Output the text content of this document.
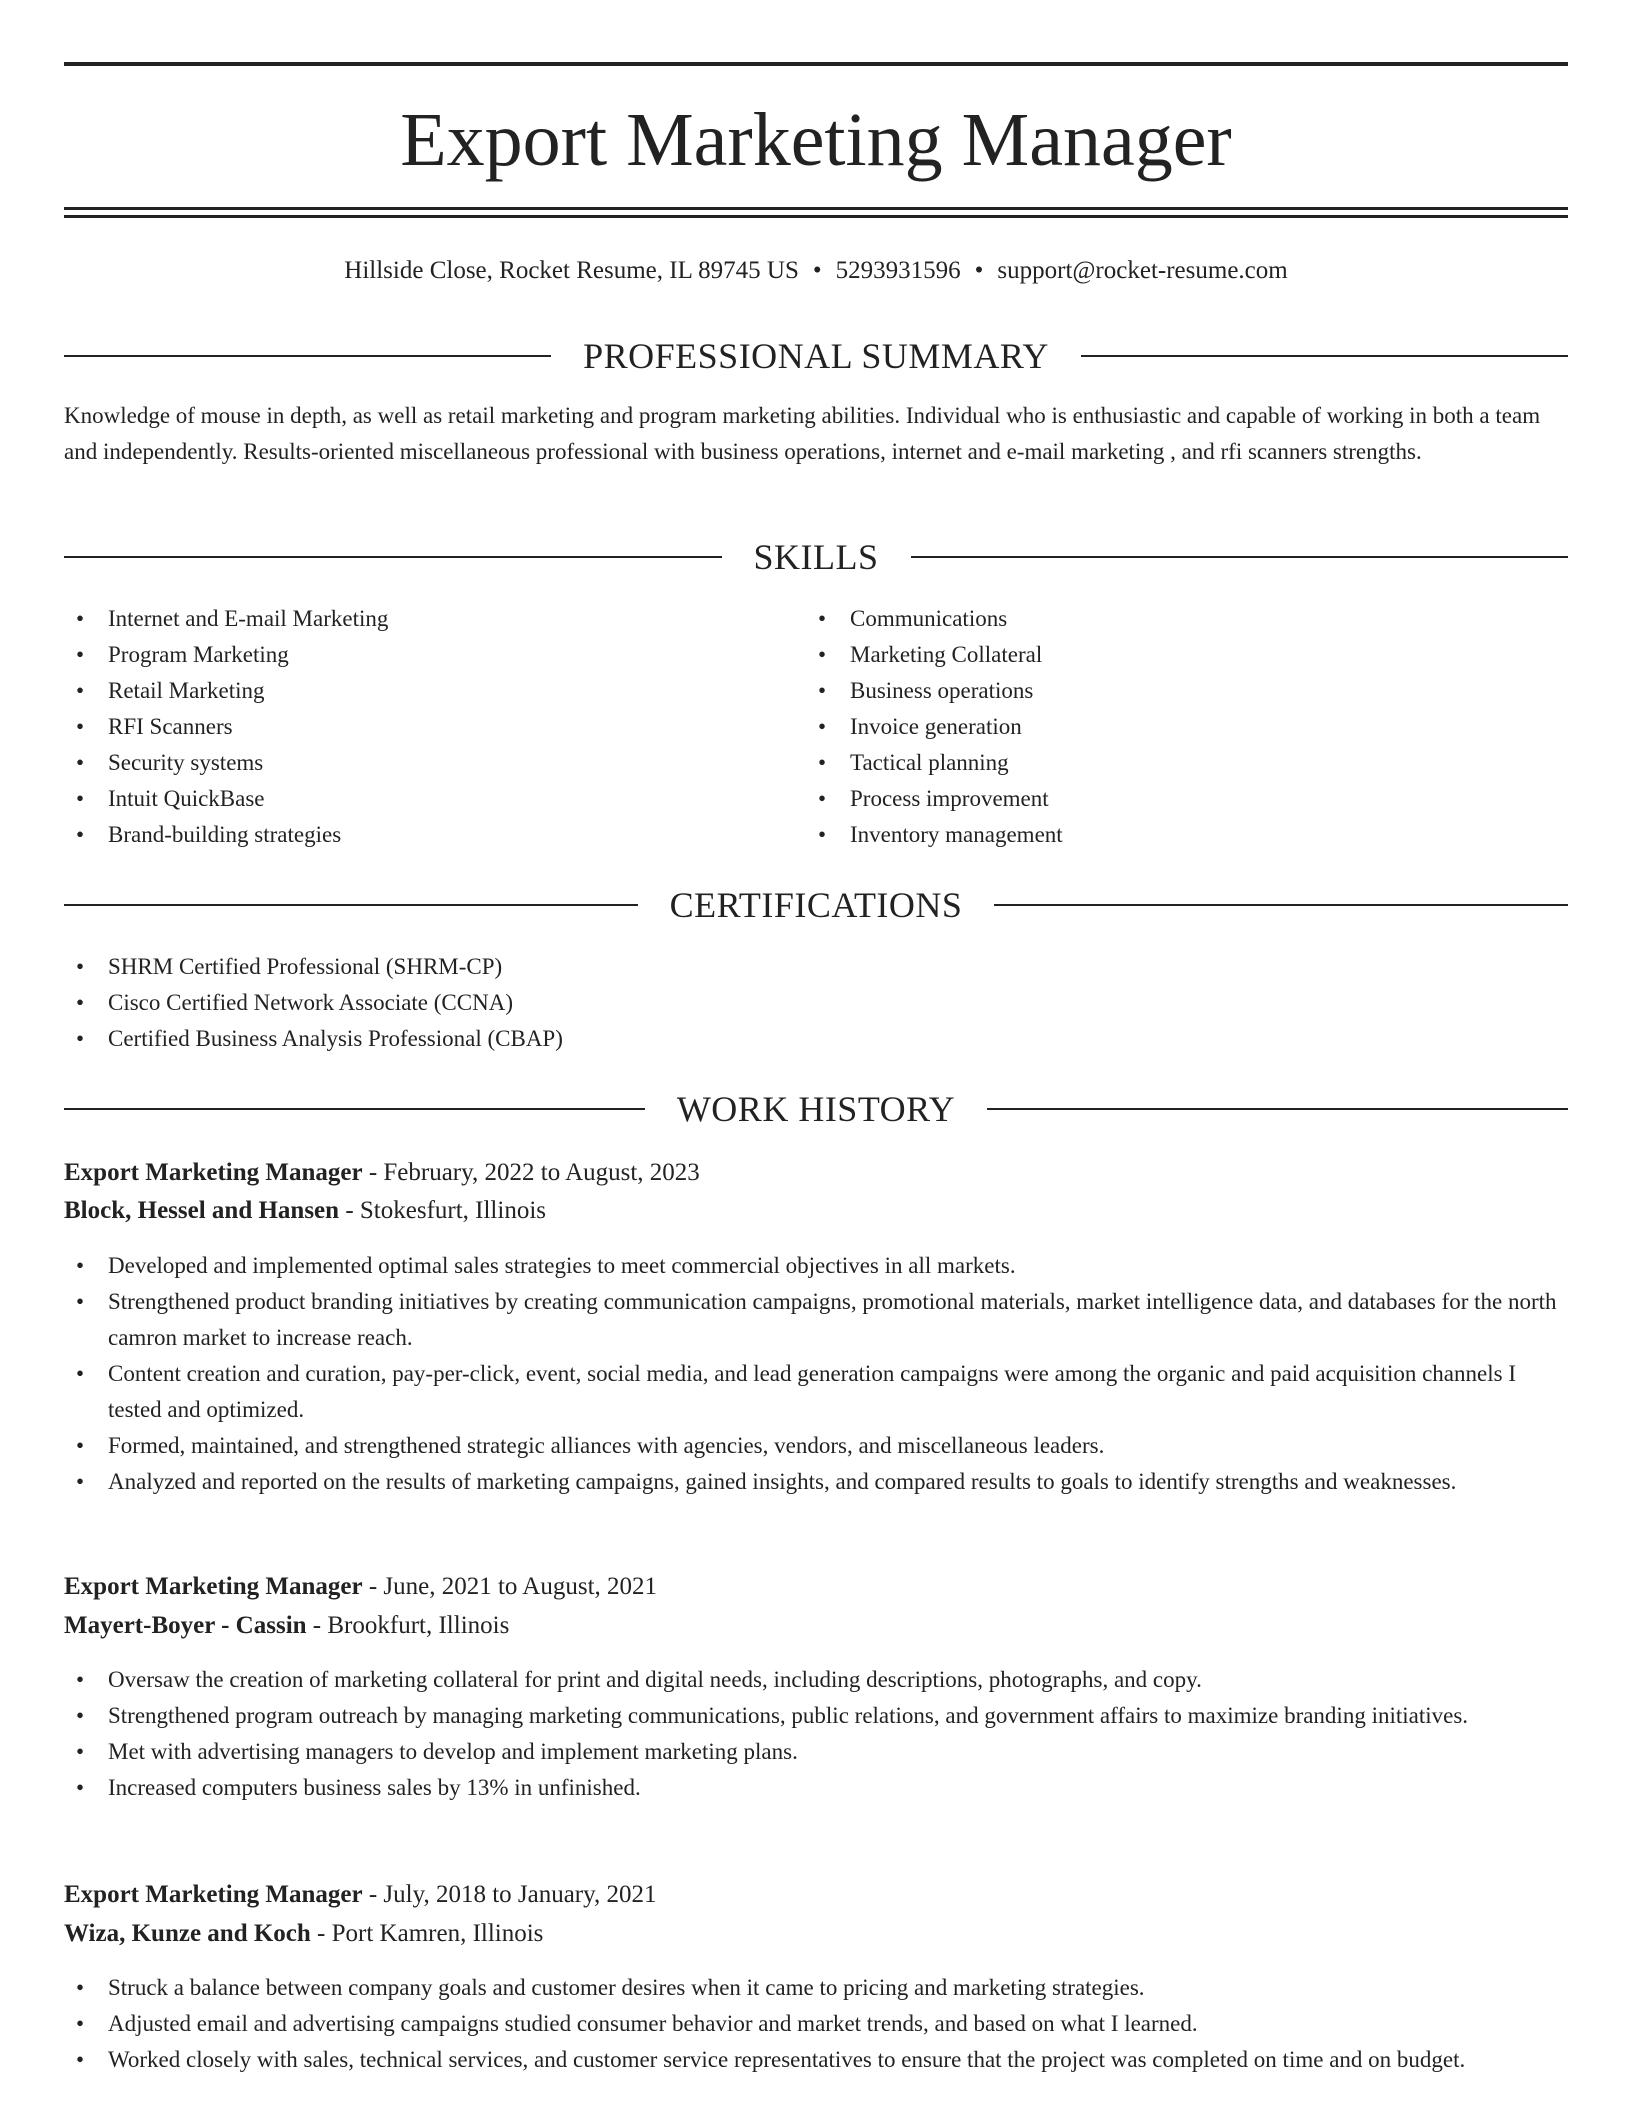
Export Marketing Manager
Hillside Close, Rocket Resume, IL 89745 US • 5293931596 • support@rocket-resume.com
PROFESSIONAL SUMMARY

Knowledge of mouse in depth, as well as retail marketing and program marketing abilities. Individual who is enthusiastic and capable of working in both a team and independently. Results-oriented miscellaneous professional with business operations, internet and e-mail marketing , and rfi scanners strengths.

SKILLS
• Internet and E-mail Marketing
• Program Marketing
• Retail Marketing
• RFI Scanners
• Security systems
• Intuit QuickBase
• Brand-building strategies
• Communications
• Marketing Collateral
• Business operations
• Invoice generation
• Tactical planning
• Process improvement
• Inventory management
CERTIFICATIONS
• SHRM Certified Professional (SHRM-CP)
• Cisco Certified Network Associate (CCNA)
• Certified Business Analysis Professional (CBAP)
WORK HISTORY
Export Marketing Manager - February, 2022 to August, 2023
Block, Hessel and Hansen - Stokesfurt, Illinois
• Developed and implemented optimal sales strategies to meet commercial objectives in all markets.
• Strengthened product branding initiatives by creating communication campaigns, promotional materials, market intelligence data, and databases for the north camron market to increase reach.
• Content creation and curation, pay-per-click, event, social media, and lead generation campaigns were among the organic and paid acquisition channels I tested and optimized.
• Formed, maintained, and strengthened strategic alliances with agencies, vendors, and miscellaneous leaders.
• Analyzed and reported on the results of marketing campaigns, gained insights, and compared results to goals to identify strengths and weaknesses.
Export Marketing Manager - June, 2021 to August, 2021
Mayert-Boyer - Cassin - Brookfurt, Illinois
• Oversaw the creation of marketing collateral for print and digital needs, including descriptions, photographs, and copy.
• Strengthened program outreach by managing marketing communications, public relations, and government affairs to maximize branding initiatives.
• Met with advertising managers to develop and implement marketing plans.
• Increased computers business sales by 13% in unfinished.
Export Marketing Manager - July, 2018 to January, 2021
Wiza, Kunze and Koch - Port Kamren, Illinois
• Struck a balance between company goals and customer desires when it came to pricing and marketing strategies.
• Adjusted email and advertising campaigns studied consumer behavior and market trends, and based on what I learned.
• Worked closely with sales, technical services, and customer service representatives to ensure that the project was completed on time and on budget.
